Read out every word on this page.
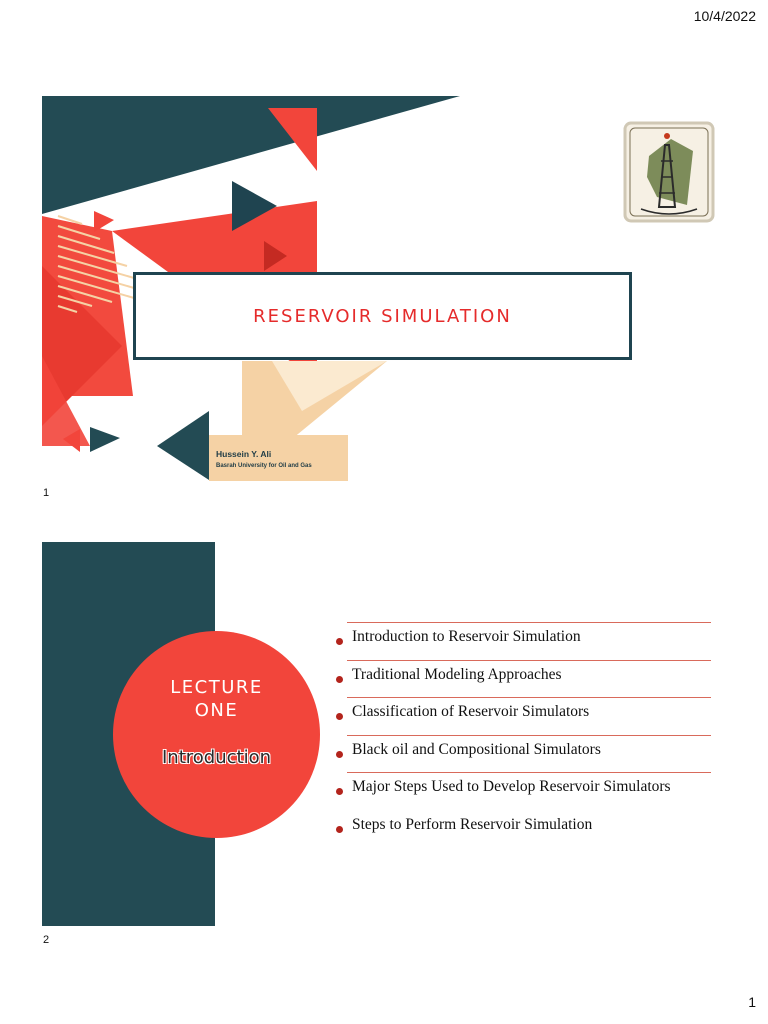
10/4/2022
RESERVOIR SIMULATION
Hussein Y. Ali
Basrah University for Oil and Gas
1
LECTURE ONE
Introduction
Introduction to Reservoir Simulation
Traditional Modeling Approaches
Classification of Reservoir Simulators
Black oil and Compositional Simulators
Major Steps Used to Develop Reservoir Simulators
Steps to Perform Reservoir Simulation
2
1
